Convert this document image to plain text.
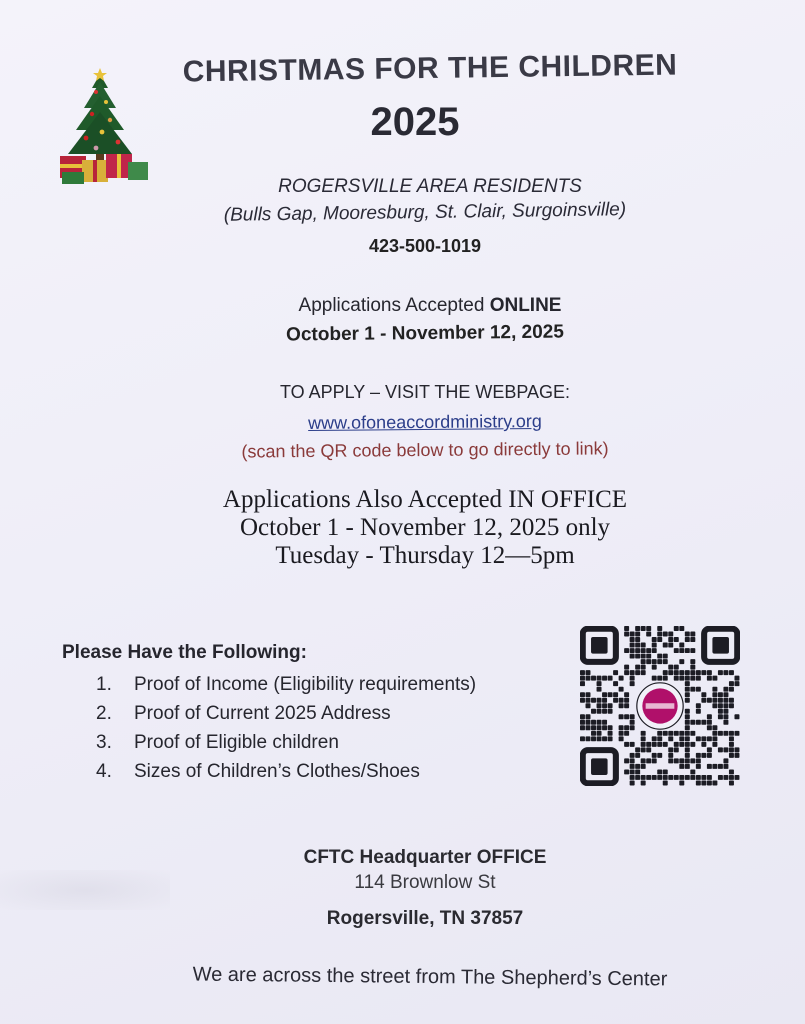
CHRISTMAS FOR THE CHILDREN
2025
ROGERSVILLE AREA RESIDENTS
(Bulls Gap, Mooresburg, St. Clair, Surgoinsville)
423-500-1019
Applications Accepted ONLINE
October 1 - November 12, 2025
TO APPLY – VISIT THE WEBPAGE:
www.ofoneaccordministry.org
(scan the QR code below to go directly to link)
Applications Also Accepted IN OFFICE
October 1 - November 12, 2025 only
Tuesday - Thursday 12—5pm
Please Have the Following:
1. Proof of Income (Eligibility requirements)
2. Proof of Current 2025 Address
3. Proof of Eligible children
4. Sizes of Children’s Clothes/Shoes
CFTC Headquarter OFFICE
114 Brownlow St
Rogersville, TN 37857
We are across the street from The Shepherd’s Center
